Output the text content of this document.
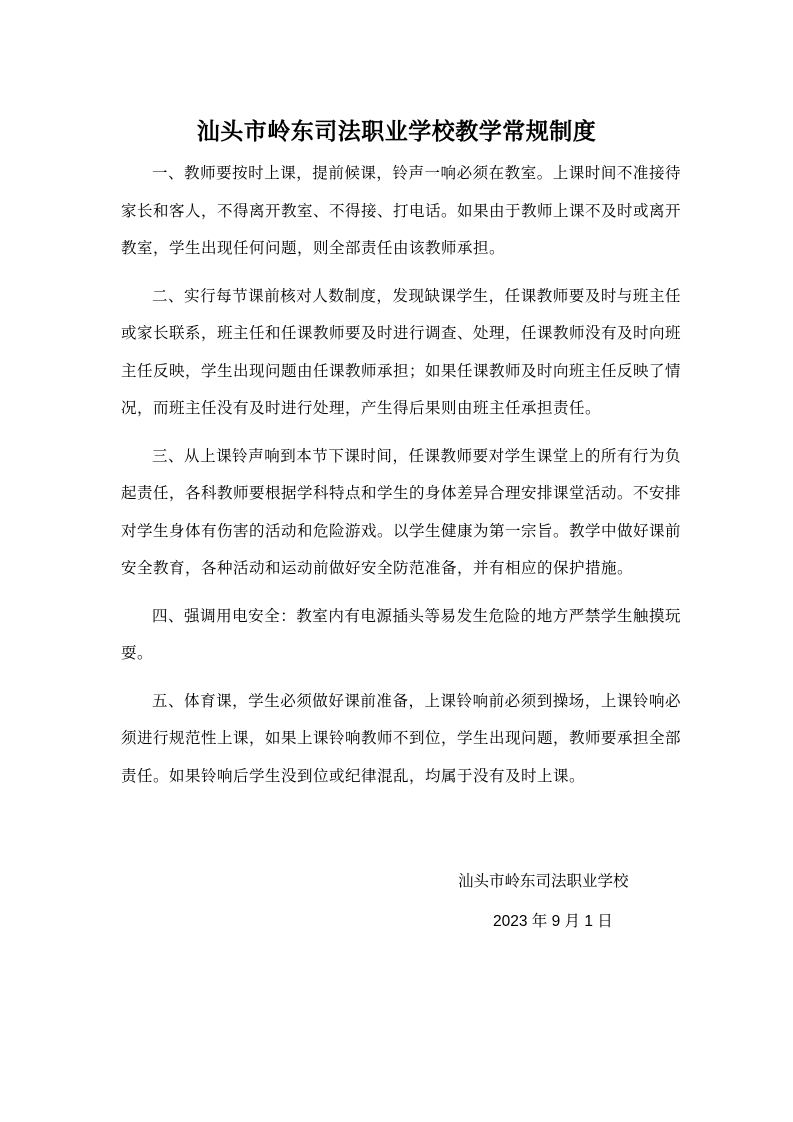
汕头市岭东司法职业学校教学常规制度

一、教师要按时上课，提前候课，铃声一响必须在教室。上课时间不准接待家长和客人，不得离开教室、不得接、打电话。如果由于教师上课不及时或离开教室，学生出现任何问题，则全部责任由该教师承担。

二、实行每节课前核对人数制度，发现缺课学生，任课教师要及时与班主任或家长联系，班主任和任课教师要及时进行调查、处理，任课教师没有及时向班主任反映，学生出现问题由任课教师承担；如果任课教师及时向班主任反映了情况，而班主任没有及时进行处理，产生得后果则由班主任承担责任。

三、从上课铃声响到本节下课时间，任课教师要对学生课堂上的所有行为负起责任，各科教师要根据学科特点和学生的身体差异合理安排课堂活动。不安排对学生身体有伤害的活动和危险游戏。以学生健康为第一宗旨。教学中做好课前安全教育，各种活动和运动前做好安全防范准备，并有相应的保护措施。

四、强调用电安全：教室内有电源插头等易发生危险的地方严禁学生触摸玩耍。

五、体育课，学生必须做好课前准备，上课铃响前必须到操场，上课铃响必须进行规范性上课，如果上课铃响教师不到位，学生出现问题，教师要承担全部责任。如果铃响后学生没到位或纪律混乱，均属于没有及时上课。

汕头市岭东司法职业学校
2023 年 9 月 1 日
